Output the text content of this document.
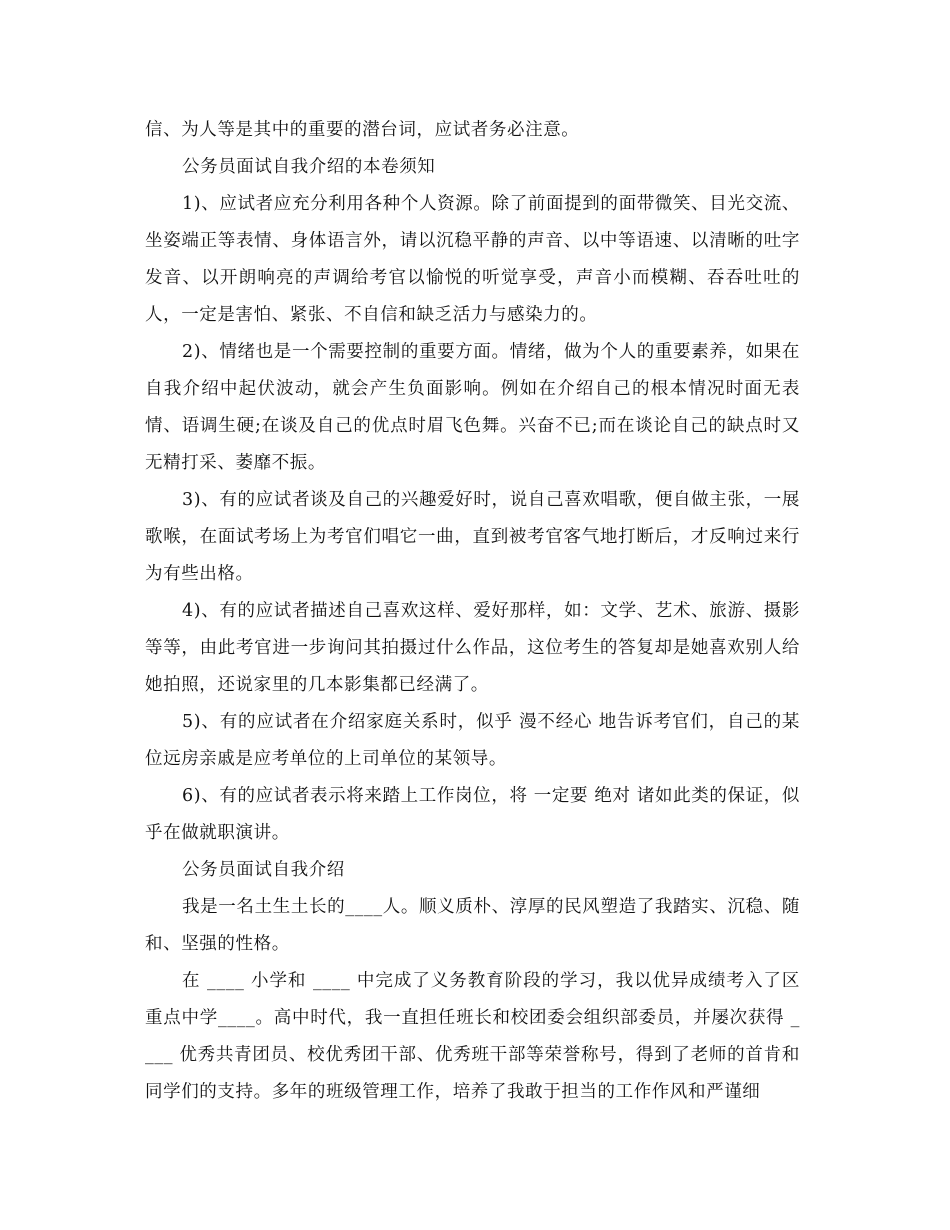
信、为人等是其中的重要的潜台词，应试者务必注意。

公务员面试自我介绍的本卷须知

1)、应试者应充分利用各种个人资源。除了前面提到的面带微笑、目光交流、坐姿端正等表情、身体语言外，请以沉稳平静的声音、以中等语速、以清晰的吐字发音、以开朗响亮的声调给考官以愉悦的听觉享受，声音小而模糊、吞吞吐吐的人，一定是害怕、紧张、不自信和缺乏活力与感染力的。

2)、情绪也是一个需要控制的重要方面。情绪，做为个人的重要素养，如果在自我介绍中起伏波动，就会产生负面影响。例如在介绍自己的根本情况时面无表情、语调生硬;在谈及自己的优点时眉飞色舞。兴奋不已;而在谈论自己的缺点时又无精打采、萎靡不振。

3)、有的应试者谈及自己的兴趣爱好时，说自己喜欢唱歌，便自做主张，一展歌喉，在面试考场上为考官们唱它一曲，直到被考官客气地打断后，才反响过来行为有些出格。

4)、有的应试者描述自己喜欢这样、爱好那样，如：文学、艺术、旅游、摄影等等，由此考官进一步询问其拍摄过什么作品，这位考生的答复却是她喜欢别人给她拍照，还说家里的几本影集都已经满了。

5)、有的应试者在介绍家庭关系时，似乎 漫不经心 地告诉考官们，自己的某位远房亲戚是应考单位的上司单位的某领导。

6)、有的应试者表示将来踏上工作岗位，将 一定要 绝对 诸如此类的保证，似乎在做就职演讲。

公务员面试自我介绍

我是一名土生土长的____人。顺义质朴、淳厚的民风塑造了我踏实、沉稳、随和、坚强的性格。

在 ____ 小学和 ____ 中完成了义务教育阶段的学习，我以优异成绩考入了区重点中学____。高中时代，我一直担任班长和校团委会组织部委员，并屡次获得 ____ 优秀共青团员、校优秀团干部、优秀班干部等荣誉称号，得到了老师的首肯和同学们的支持。多年的班级管理工作，培养了我敢于担当的工作作风和严谨细
